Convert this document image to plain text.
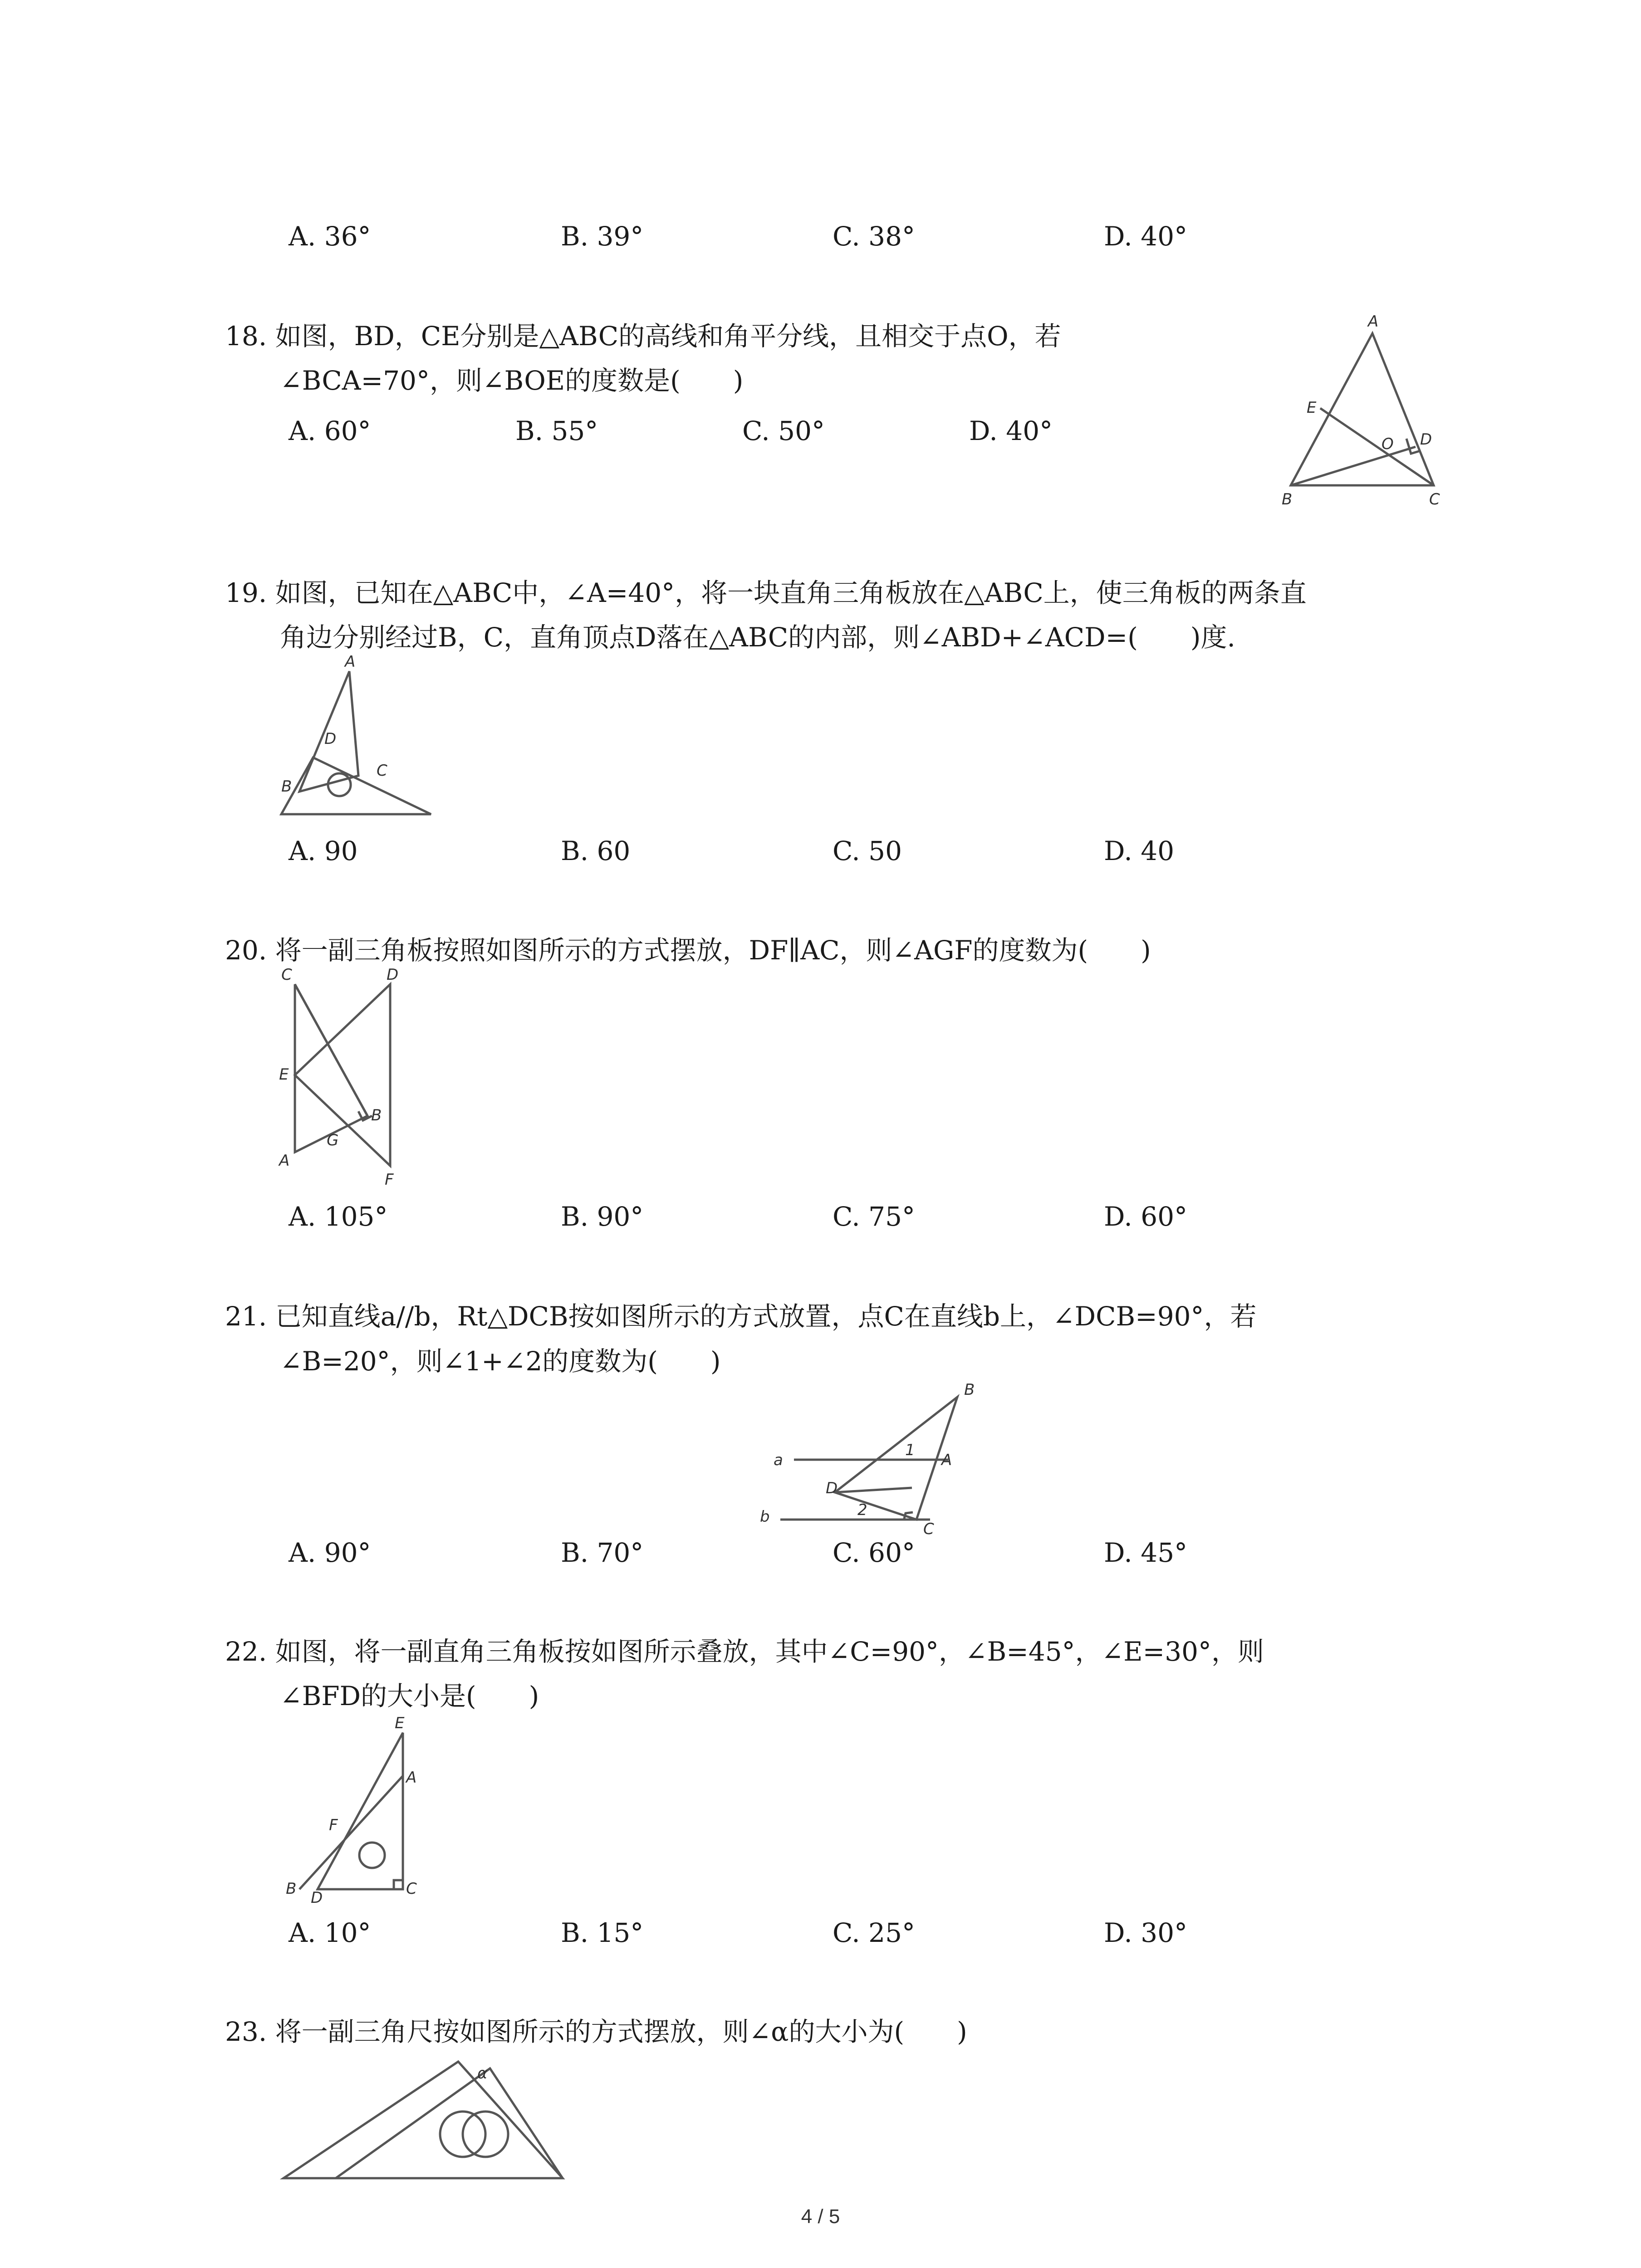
A. 36°	B. 39°	C. 38°	D. 40°
18. 如图，BD，CE分别是△ABC的高线和角平分线，且相交于点O，若
∠BCA=70°，则∠BOE的度数是(　　)
A. 60°	B. 55°	C. 50°	D. 40°
A
E
O D
B	C
19. 如图，已知在△ABC中，∠A=40°，将一块直角三角板放在△ABC上，使三角板的两条直
角边分别经过B，C，直角顶点D落在△ABC的内部，则∠ABD+∠ACD=(　　)度.
A
D
B
C
A. 90	B. 60	C. 50	D. 40
20. 将一副三角板按照如图所示的方式摆放，DF∥AC，则∠AGF的度数为(　　)
C	D
E
B
A
G
F
A. 105°	B. 90°	C. 75°	D. 60°
21. 已知直线a//b，Rt△DCB按如图所示的方式放置，点C在直线b上，∠DCB=90°，若
∠B=20°，则∠1+∠2的度数为(　　)
B
a
1
A
D
2
b
C
A. 90°	B. 70°	C. 60°	D. 45°
22. 如图，将一副直角三角板按如图所示叠放，其中∠C=90°，∠B=45°，∠E=30°，则
∠BFD的大小是(　　)
E
A
F
B D	C
A. 10°	B. 15°	C. 25°	D. 30°
23. 将一副三角尺按如图所示的方式摆放，则∠α的大小为(　　)
α
4 / 5
